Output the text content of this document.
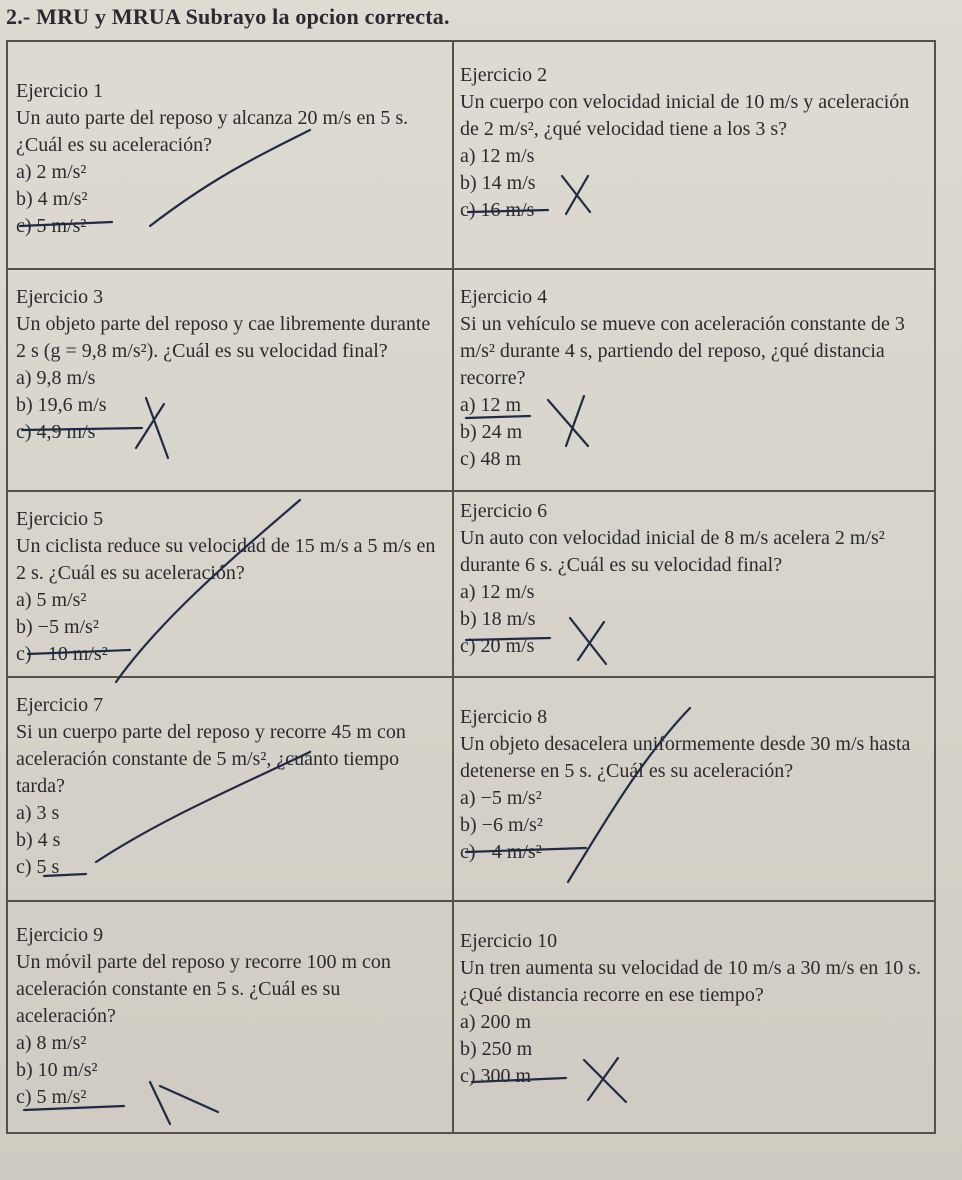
2.- MRU y MRUA Subrayo la opcion correcta.
Ejercicio 1
Un auto parte del reposo y alcanza 20 m/s en 5 s. ¿Cuál es su aceleración?
a) 2 m/s²
b) 4 m/s²
c) 5 m/s²
Ejercicio 2
Un cuerpo con velocidad inicial de 10 m/s y aceleración de 2 m/s², ¿qué velocidad tiene a los 3 s?
a) 12 m/s
b) 14 m/s
c) 16 m/s
Ejercicio 3
Un objeto parte del reposo y cae libremente durante 2 s (g = 9,8 m/s²). ¿Cuál es su velocidad final?
a) 9,8 m/s
b) 19,6 m/s
c) 4,9 m/s
Ejercicio 4
Si un vehículo se mueve con aceleración constante de 3 m/s² durante 4 s, partiendo del reposo, ¿qué distancia recorre?
a) 12 m
b) 24 m
c) 48 m
Ejercicio 5
Un ciclista reduce su velocidad de 15 m/s a 5 m/s en 2 s. ¿Cuál es su aceleración?
a) 5 m/s²
b) −5 m/s²
c) −10 m/s²
Ejercicio 6
Un auto con velocidad inicial de 8 m/s acelera 2 m/s² durante 6 s. ¿Cuál es su velocidad final?
a) 12 m/s
b) 18 m/s
c) 20 m/s
Ejercicio 7
Si un cuerpo parte del reposo y recorre 45 m con aceleración constante de 5 m/s², ¿cuánto tiempo tarda?
a) 3 s
b) 4 s
c) 5 s
Ejercicio 8
Un objeto desacelera uniformemente desde 30 m/s hasta detenerse en 5 s. ¿Cuál es su aceleración?
a) −5 m/s²
b) −6 m/s²
c) −4 m/s²
Ejercicio 9
Un móvil parte del reposo y recorre 100 m con aceleración constante en 5 s. ¿Cuál es su aceleración?
a) 8 m/s²
b) 10 m/s²
c) 5 m/s²
Ejercicio 10
Un tren aumenta su velocidad de 10 m/s a 30 m/s en 10 s. ¿Qué distancia recorre en ese tiempo?
a) 200 m
b) 250 m
c) 300 m
